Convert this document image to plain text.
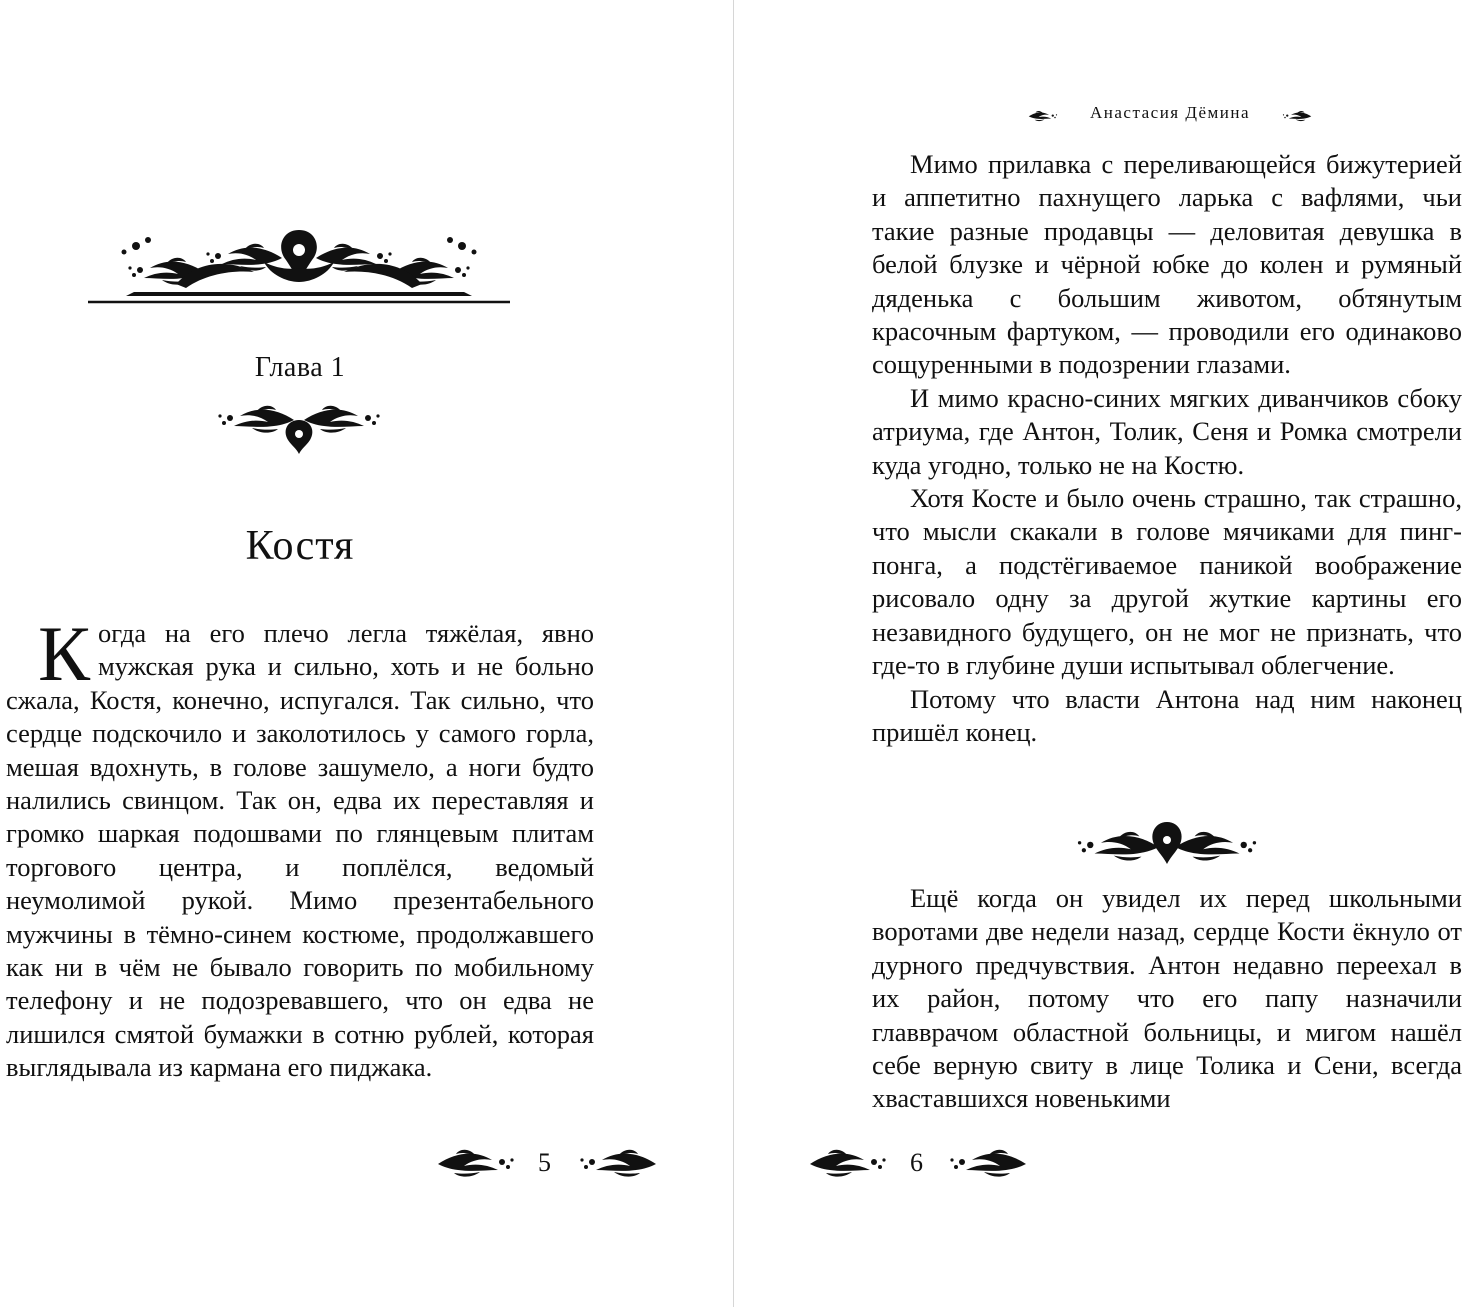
Глава 1
Костя
Когда на его плечо легла тяжёлая, явно мужская рука и сильно, хоть и не больно сжала, Костя, конечно, испугался. Так сильно, что сердце подскочило и заколотилось у самого горла, мешая вдохнуть, в голове зашумело, а ноги будто налились свинцом. Так он, едва их переставляя и громко шаркая подошвами по глянцевым плитам торгового центра, и поплёлся, ведомый неумолимой рукой. Мимо презентабельного мужчины в тёмно-синем костюме, продолжавшего как ни в чём не бывало говорить по мобильному телефону и не подозревавшего, что он едва не лишился смятой бумажки в сотню рублей, которая выглядывала из кармана его пиджака.
5
Анастасия Дёмина

Мимо прилавка с переливающейся бижутерией и аппетитно пахнущего ларька с вафлями, чьи такие разные продавцы — деловитая девушка в белой блузке и чёрной юбке до колен и румяный дяденька с большим животом, обтянутым красочным фартуком, — проводили его одинаково сощуренными в подозрении глазами.

И мимо красно-синих мягких диванчиков сбоку атриума, где Антон, Толик, Сеня и Ромка смотрели куда угодно, только не на Костю.

Хотя Косте и было очень страшно, так страшно, что мысли скакали в голове мячиками для пинг-понга, а подстёгиваемое паникой воображение рисовало одну за другой жуткие картины его незавидного будущего, он не мог не признать, что где-то в глубине души испытывал облегчение.

Потому что власти Антона над ним наконец пришёл конец.

Ещё когда он увидел их перед школьными воротами две недели назад, сердце Кости ёкнуло от дурного предчувствия. Антон недавно переехал в их район, потому что его папу назначили главврачом областной больницы, и мигом нашёл себе верную свиту в лице Толика и Сени, всегда хваставшихся новенькими

6
